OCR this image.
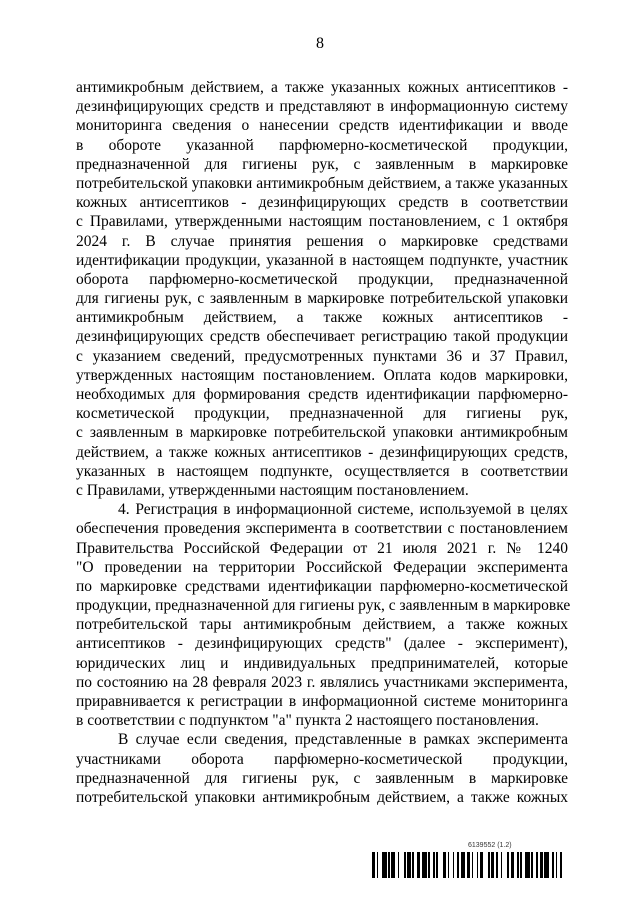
8
антимикробным действием, а также указанных кожных антисептиков -
дезинфицирующих средств и представляют в информационную систему
мониторинга сведения о нанесении средств идентификации и вводе
в обороте указанной парфюмерно-косметической продукции,
предназначенной для гигиены рук, с заявленным в маркировке
потребительской упаковки антимикробным действием, а также указанных
кожных антисептиков - дезинфицирующих средств в соответствии
с Правилами, утвержденными настоящим постановлением, с 1 октября
2024 г. В случае принятия решения о маркировке средствами
идентификации продукции, указанной в настоящем подпункте, участник
оборота парфюмерно-косметической продукции, предназначенной
для гигиены рук, с заявленным в маркировке потребительской упаковки
антимикробным действием, а также кожных антисептиков -
дезинфицирующих средств обеспечивает регистрацию такой продукции
с указанием сведений, предусмотренных пунктами 36 и 37 Правил,
утвержденных настоящим постановлением. Оплата кодов маркировки,
необходимых для формирования средств идентификации парфюмерно-
косметической продукции, предназначенной для гигиены рук,
с заявленным в маркировке потребительской упаковки антимикробным
действием, а также кожных антисептиков - дезинфицирующих средств,
указанных в настоящем подпункте, осуществляется в соответствии
с Правилами, утвержденными настоящим постановлением.
4. Регистрация в информационной системе, используемой в целях
обеспечения проведения эксперимента в соответствии с постановлением
Правительства Российской Федерации от 21 июля 2021 г. № 1240
"О проведении на территории Российской Федерации эксперимента
по маркировке средствами идентификации парфюмерно-косметической
продукции, предназначенной для гигиены рук, с заявленным в маркировке
потребительской тары антимикробным действием, а также кожных
антисептиков - дезинфицирующих средств" (далее - эксперимент),
юридических лиц и индивидуальных предпринимателей, которые
по состоянию на 28 февраля 2023 г. являлись участниками эксперимента,
приравнивается к регистрации в информационной системе мониторинга
в соответствии с подпунктом "а" пункта 2 настоящего постановления.
В случае если сведения, представленные в рамках эксперимента
участниками оборота парфюмерно-косметической продукции,
предназначенной для гигиены рук, с заявленным в маркировке
потребительской упаковки антимикробным действием, а также кожных
6139552 (1.2)
